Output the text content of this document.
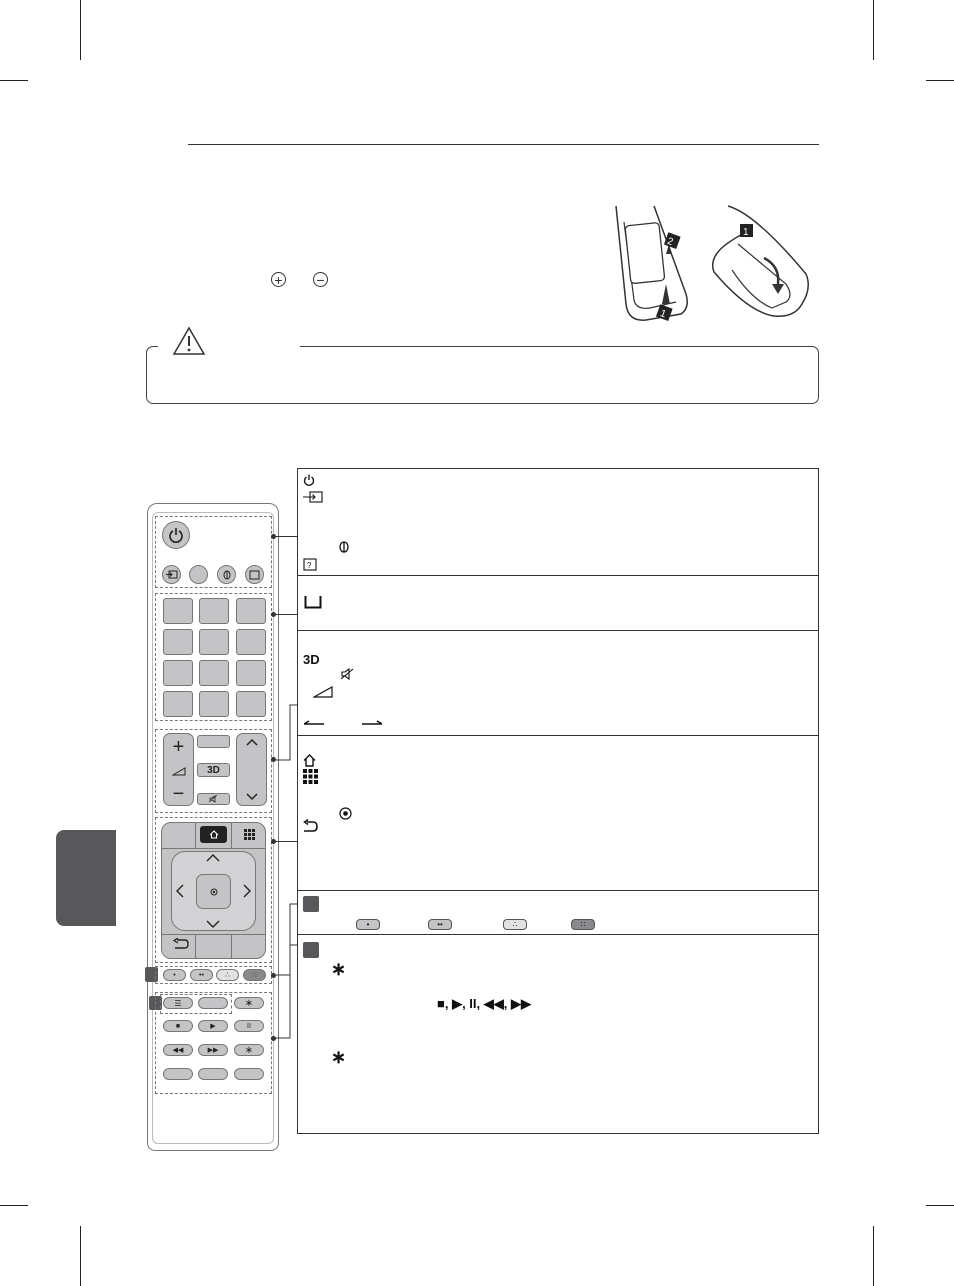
+ −
2
1
1
+
−
3D
•	••	∴	∷
☰	∗
■	▶	II
◀◀	▶▶	∗
?
3D
•	••	∴	∷
∗
■, ▶, II, ◀◀, ▶▶
∗
